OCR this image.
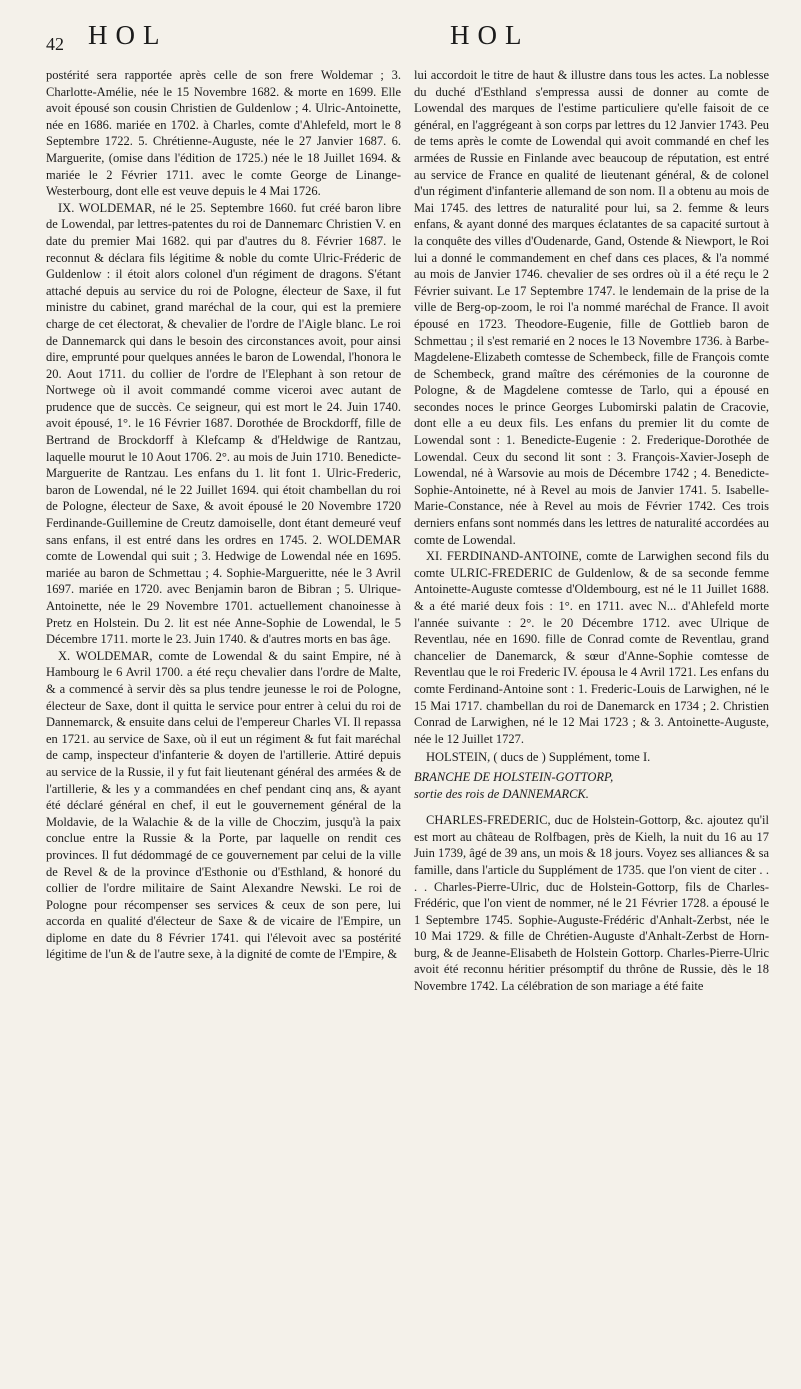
42 HOL	HOL

postérité sera rapportée après celle de son frere Woldemar ; 3. Charlotte-Amélie, née le 15 Novembre 1682. & morte en 1699. Elle avoit épousé son cousin Christien de Guldenlow ; 4. Ulric-Antoinette, née en 1686. mariée en 1702. à Charles, comte d'Ahlefeld, mort le 8 Septembre 1722. 5. Chrétienne-Auguste, née le 27 Janvier 1687. 6. Marguerite, (omise dans l'édition de 1725.) née le 18 Juillet 1694. & mariée le 2 Février 1711. avec le comte George de Linange-Westerbourg, dont elle est veuve depuis le 4 Mai 1726.

IX. WOLDEMAR, né le 25. Septembre 1660. fut créé baron libre de Lowendal, par lettres-patentes du roi de Dannemarc Christien V. en date du premier Mai 1682. qui par d'autres du 8. Février 1687. le reconnut & déclara fils légitime & noble du comte Ulric-Fréderic de Guldenlow : il étoit alors colonel d'un régiment de dragons. S'étant attaché depuis au service du roi de Pologne, électeur de Saxe, il fut ministre du cabinet, grand maréchal de la cour, qui est la premiere charge de cet électorat, & chevalier de l'ordre de l'Aigle blanc. Le roi de Dannemarck qui dans le besoin des circonstances avoit, pour ainsi dire, emprunté pour quelques années le baron de Lowendal, l'honora le 20. Aout 1711. du collier de l'ordre de l'Elephant à son retour de Nortwege où il avoit commandé comme viceroi avec autant de prudence que de succès. Ce seigneur, qui est mort le 24. Juin 1740. avoit épousé, 1°. le 16 Février 1687. Dorothée de Brockdorff, fille de Bertrand de Brockdorff à Klefcamp & d'Heldwige de Rantzau, laquelle mourut le 10 Aout 1706. 2°. au mois de Juin 1710. Benedicte-Marguerite de Rantzau. Les enfans du 1. lit font 1. Ulric-Frederic, baron de Lowendal, né le 22 Juillet 1694. qui étoit chambellan du roi de Pologne, électeur de Saxe, & avoit épousé le 20 Novembre 1720 Ferdinande-Guillemine de Creutz damoiselle, dont étant demeuré veuf sans enfans, il est entré dans les ordres en 1745. 2. WOLDEMAR comte de Lowendal qui suit ; 3. Hedwige de Lowendal née en 1695. mariée au baron de Schmettau ; 4. Sophie-Margueritte, née le 3 Avril 1697. mariée en 1720. avec Benjamin baron de Bibran ; 5. Ulrique-Antoinette, née le 29 Novembre 1701. actuellement chanoinesse à Pretz en Holstein. Du 2. lit est née Anne-Sophie de Lowendal, le 5 Décembre 1711. morte le 23. Juin 1740. & d'autres morts en bas âge.

X. WOLDEMAR, comte de Lowendal & du saint Empire, né à Hambourg le 6 Avril 1700. a été reçu chevalier dans l'ordre de Malte, & a commencé à servir dès sa plus tendre jeunesse le roi de Pologne, électeur de Saxe, dont il quitta le service pour entrer à celui du roi de Dannemarck, & ensuite dans celui de l'empereur Charles VI. Il repassa en 1721. au service de Saxe, où il eut un régiment & fut fait maréchal de camp, inspecteur d'infanterie & doyen de l'artillerie. Attiré depuis au service de la Russie, il y fut fait lieutenant général des armées & de l'artillerie, & les y a commandées en chef pendant cinq ans, & ayant été déclaré général en chef, il eut le gouvernement général de la Moldavie, de la Walachie & de la ville de Choczim, jusqu'à la paix conclue entre la Russie & la Porte, par laquelle on rendit ces provinces. Il fut dédommagé de ce gouvernement par celui de la ville de Revel & de la province d'Esthonie ou d'Esthland, & honoré du collier de l'ordre militaire de Saint Alexandre Newski. Le roi de Pologne pour récompenser ses services & ceux de son pere, lui accorda en qualité d'électeur de Saxe & de vicaire de l'Empire, un diplome en date du 8 Février 1741. qui l'élevoit avec sa postérité légitime de l'un & de l'autre sexe, à la dignité de comte de l'Empire, &

lui accordoit le titre de haut & illustre dans tous les actes. La noblesse du duché d'Esthland s'empressa aussi de donner au comte de Lowendal des marques de l'estime particuliere qu'elle faisoit de ce général, en l'aggrégeant à son corps par lettres du 12 Janvier 1743. Peu de tems après le comte de Lowendal qui avoit commandé en chef les armées de Russie en Finlande avec beaucoup de réputation, est entré au service de France en qualité de lieutenant général, & de colonel d'un régiment d'infanterie allemand de son nom. Il a obtenu au mois de Mai 1745. des lettres de naturalité pour lui, sa 2. femme & leurs enfans, & ayant donné des marques éclatantes de sa capacité surtout à la conquête des villes d'Oudenarde, Gand, Ostende & Niewport, le Roi lui a donné le commandement en chef dans ces places, & l'a nommé au mois de Janvier 1746. chevalier de ses ordres où il a été reçu le 2 Février suivant. Le 17 Septembre 1747. le lendemain de la prise de la ville de Berg-op-zoom, le roi l'a nommé maréchal de France. Il avoit épousé en 1723. Theodore-Eugenie, fille de Gottlieb baron de Schmettau ; il s'est remarié en 2 noces le 13 Novembre 1736. à Barbe-Magdelene-Elizabeth comtesse de Schembeck, fille de François comte de Schembeck, grand maître des cérémonies de la couronne de Pologne, & de Magdelene comtesse de Tarlo, qui a épousé en secondes noces le prince Georges Lubomirski palatin de Cracovie, dont elle a eu deux fils. Les enfans du premier lit du comte de Lowendal sont : 1. Benedicte-Eugenie : 2. Frederique-Dorothée de Lowendal. Ceux du second lit sont : 3. François-Xavier-Joseph de Lowendal, né à Warsovie au mois de Décembre 1742 ; 4. Benedicte-Sophie-Antoinette, né à Revel au mois de Janvier 1741. 5. Isabelle-Marie-Constance, née à Revel au mois de Février 1742. Ces trois derniers enfans sont nommés dans les lettres de naturalité accordées au comte de Lowendal.

XI. FERDINAND-ANTOINE, comte de Larwighen second fils du comte ULRIC-FREDERIC de Guldenlow, & de sa seconde femme Antoinette-Auguste comtesse d'Oldembourg, est né le 11 Juillet 1688. & a été marié deux fois : 1°. en 1711. avec N... d'Ahlefeld morte l'année suivante : 2°. le 20 Décembre 1712. avec Ulrique de Reventlau, née en 1690. fille de Conrad comte de Reventlau, grand chancelier de Danemarck, & sœur d'Anne-Sophie comtesse de Reventlau que le roi Frederic IV. épousa le 4 Avril 1721. Les enfans du comte Ferdinand-Antoine sont : 1. Frederic-Louis de Larwighen, né le 15 Mai 1717. chambellan du roi de Danemarck en 1734 ; 2. Christien Conrad de Larwighen, né le 12 Mai 1723 ; & 3. Antoinette-Auguste, née le 12 Juillet 1727.

HOLSTEIN, ( ducs de ) Supplément, tome I.

BRANCHE DE HOLSTEIN-GOTTORP,

sortie des rois de DANNEMARCK.

CHARLES-FREDERIC, duc de Holstein-Gottorp, &c. ajoutez qu'il est mort au château de Rolfbagen, près de Kielh, la nuit du 16 au 17 Juin 1739, âgé de 39 ans, un mois & 18 jours. Voyez ses alliances & sa famille, dans l'article du Supplément de 1735. que l'on vient de citer . . . . Charles-Pierre-Ulric, duc de Holstein-Gottorp, fils de Charles-Frédéric, que l'on vient de nommer, né le 21 Février 1728. a épousé le 1 Septembre 1745. Sophie-Auguste-Frédéric d'Anhalt-Zerbst, née le 10 Mai 1729. & fille de Chrétien-Auguste d'Anhalt-Zerbst de Horn-burg, & de Jeanne-Elisabeth de Holstein Gottorp. Charles-Pierre-Ulric avoit été reconnu héritier présomptif du thrône de Russie, dès le 18 Novembre 1742. La célébration de son mariage a été faite
